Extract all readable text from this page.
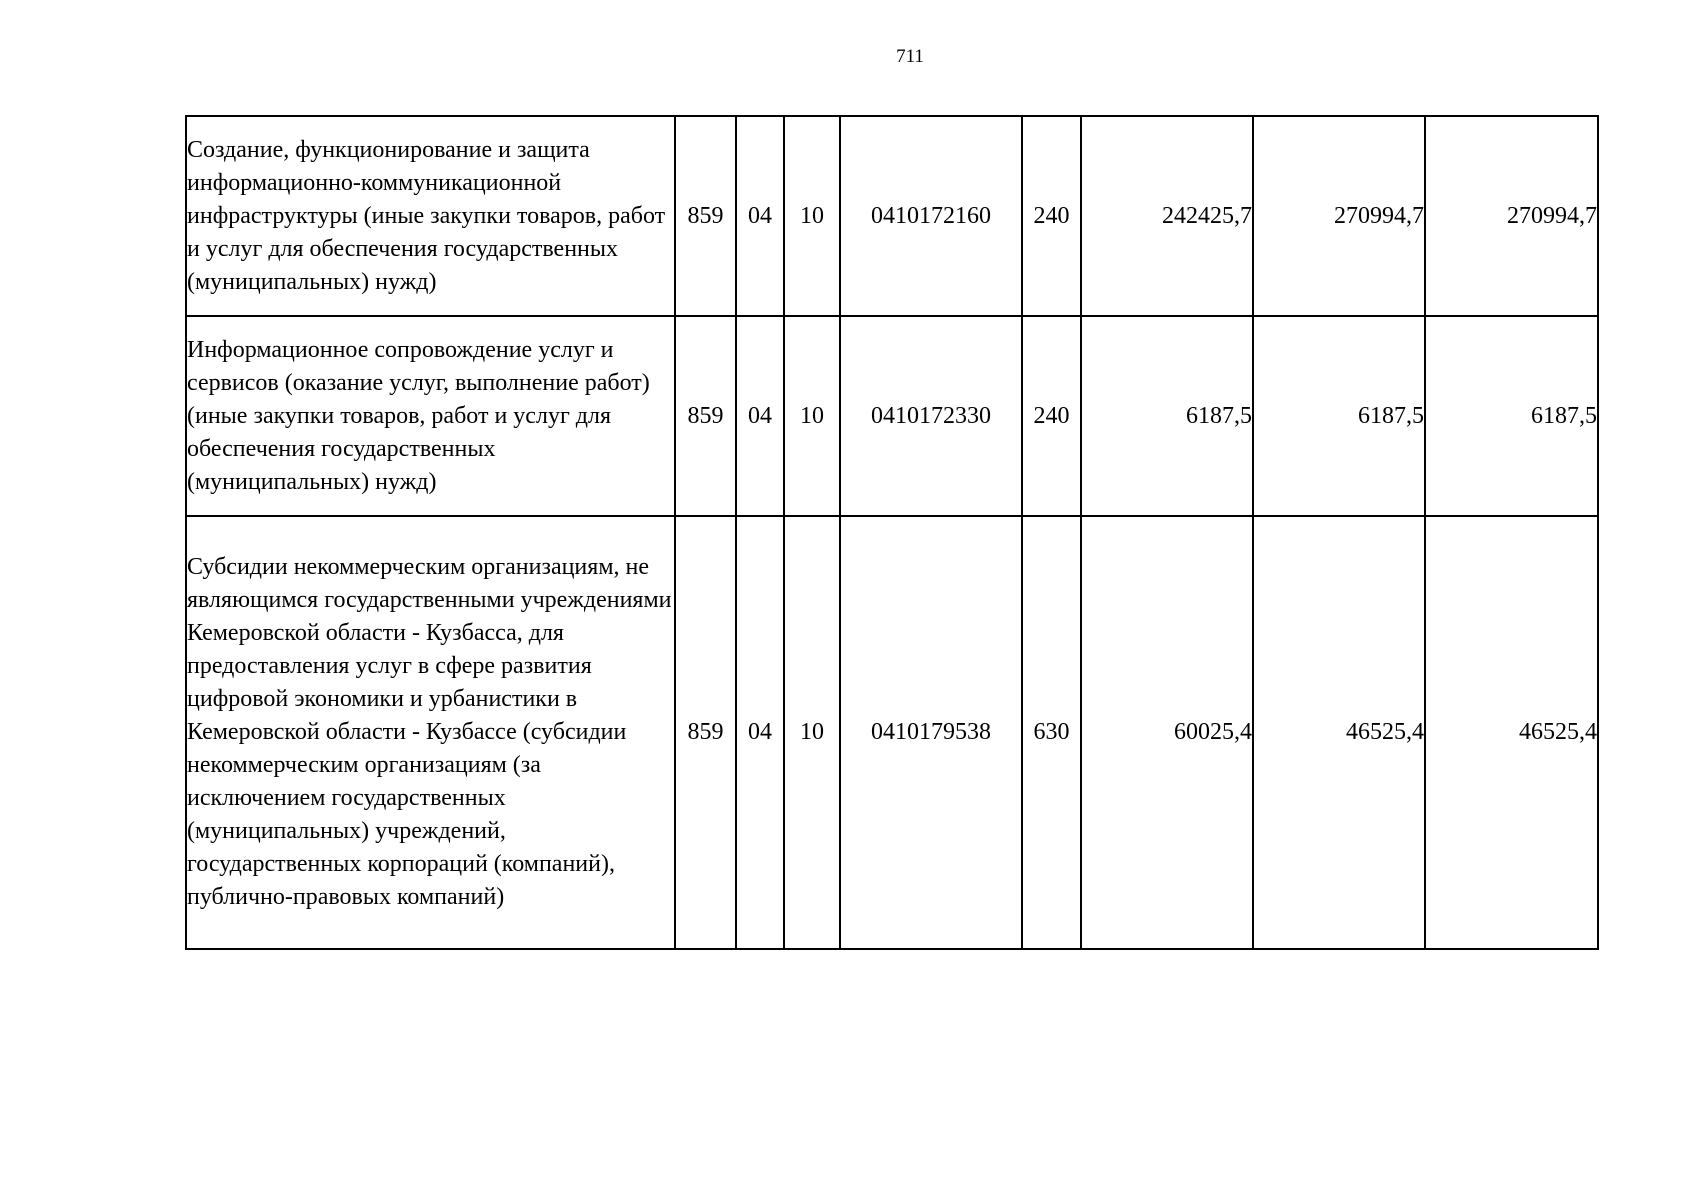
711
Создание, функционирование и защита информационно-коммуникационной инфраструктуры (иные закупки товаров, работ и услуг для обеспечения государственных (муниципальных) нужд)	859	04	10	0410172160	240	242425,7	270994,7	270994,7
Информационное сопровождение услуг и сервисов (оказание услуг, выполнение работ) (иные закупки товаров, работ и услуг для обеспечения государственных (муниципальных) нужд)	859	04	10	0410172330	240	6187,5	6187,5	6187,5
Субсидии некоммерческим организациям, не являющимся государственными учреждениями Кемеровской области - Кузбасса, для предоставления услуг в сфере развития цифровой экономики и урбанистики в Кемеровской области - Кузбассе (субсидии некоммерческим организациям (за исключением государственных (муниципальных) учреждений, государственных корпораций (компаний), публично-правовых компаний)	859	04	10	0410179538	630	60025,4	46525,4	46525,4
